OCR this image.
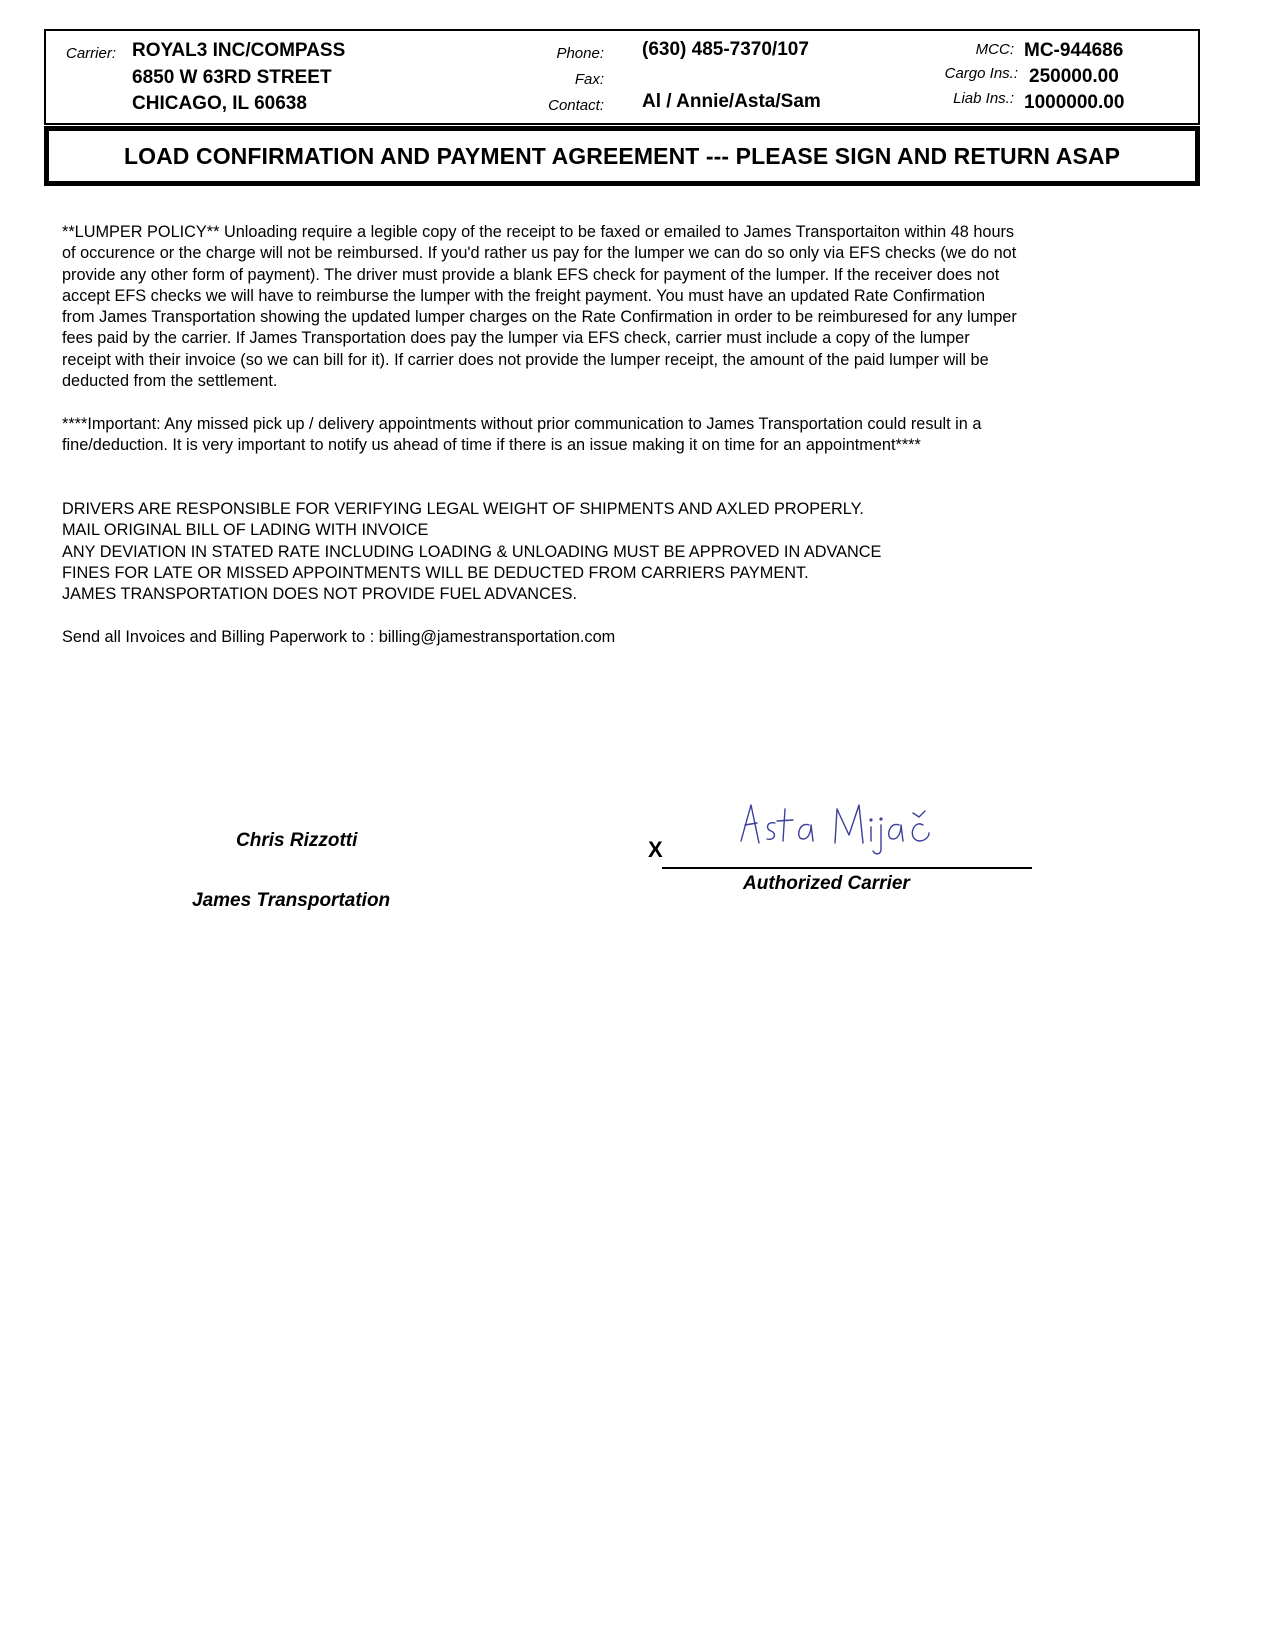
Carrier: ROYAL3 INC/COMPASS
6850 W 63RD STREET
CHICAGO, IL 60638
Phone: (630) 485-7370/107
Fax:
Contact: Al / Annie/Asta/Sam
MCC: MC-944686
Cargo Ins.: 250000.00
Liab Ins.: 1000000.00
LOAD CONFIRMATION AND PAYMENT AGREEMENT --- PLEASE SIGN AND RETURN ASAP
**LUMPER POLICY** Unloading require a legible copy of the receipt to be faxed or emailed to James Transportaiton within 48 hours
of occurence or the charge will not be reimbursed. If you'd rather us pay for the lumper we can do so only via EFS checks (we do not
provide any other form of payment). The driver must provide a blank EFS check for payment of the lumper. If the receiver does not
accept EFS checks we will have to reimburse the lumper with the freight payment. You must have an updated Rate Confirmation
from James Transportation showing the updated lumper charges on the Rate Confirmation in order to be reimburesed for any lumper
fees paid by the carrier. If James Transportation does pay the lumper via EFS check, carrier must include a copy of the lumper
receipt with their invoice (so we can bill for it). If carrier does not provide the lumper receipt, the amount of the paid lumper will be
deducted from the settlement.
****Important: Any missed pick up / delivery appointments without prior communication to James Transportation could result in a
fine/deduction. It is very important to notify us ahead of time if there is an issue making it on time for an appointment****
DRIVERS ARE RESPONSIBLE FOR VERIFYING LEGAL WEIGHT OF SHIPMENTS AND AXLED PROPERLY.
MAIL ORIGINAL BILL OF LADING WITH INVOICE
ANY DEVIATION IN STATED RATE INCLUDING LOADING & UNLOADING MUST BE APPROVED IN ADVANCE
FINES FOR LATE OR MISSED APPOINTMENTS WILL BE DEDUCTED FROM CARRIERS PAYMENT.
JAMES TRANSPORTATION DOES NOT PROVIDE FUEL ADVANCES.
Send all Invoices and Billing Paperwork to : billing@jamestransportation.com
Chris Rizzotti
James Transportation
X
Authorized Carrier
